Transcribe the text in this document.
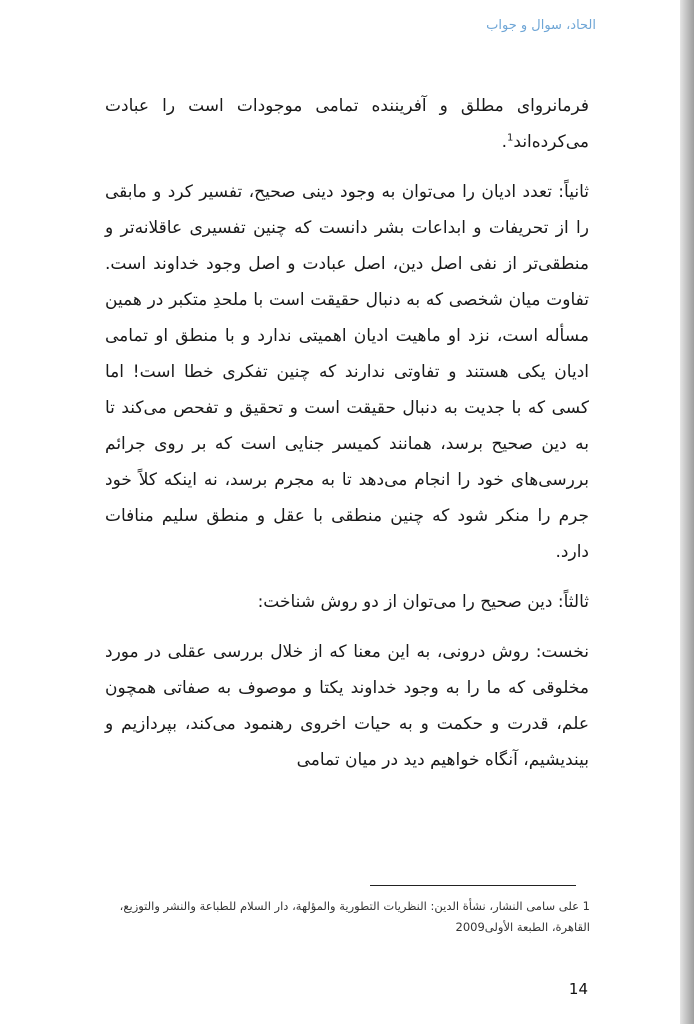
الحاد، سوال و جواب

فرمانروای مطلق و آفریننده تمامی موجودات است را عبادت می‌کرده‌اند$^1$.

ثانیاً: تعدد ادیان را می‌توان به وجود دینی صحیح، تفسیر کرد و مابقی را از تحریفات و ابداعات بشر دانست که چنین تفسیری عاقلانه‌تر و منطقی‌تر از نفی اصل دین، اصل عبادت و اصل وجود خداوند است. تفاوت میان شخصی که به دنبال حقیقت است با ملحدِ متکبر در همین مسأله است، نزد او ماهیت ادیان اهمیتی ندارد و با منطق او تمامی ادیان یکی هستند و تفاوتی ندارند که چنین تفکری خطا است! اما کسی که با جدیت به دنبال حقیقت است و تحقیق و تفحص می‌کند تا به دین صحیح برسد، همانند کمیسر جنایی است که بر روی جرائم بررسی‌های خود را انجام می‌دهد تا به مجرم برسد، نه اینکه کلاً خود جرم را منکر شود که چنین منطقی با عقل و منطق سلیم منافات دارد.

ثالثاً: دین صحیح را می‌توان از دو روش شناخت:

نخست: روش درونی، به این معنا که از خلال بررسی عقلی در مورد مخلوقی که ما را به وجود خداوند یکتا و موصوف به صفاتی همچون علم، قدرت و حکمت و به حیات اخروی رهنمود می‌کند، بپردازیم و بیندیشیم، آنگاه خواهیم دید در میان تمامی

1 علی سامی النشار، نشأة الدین: النظریات التطوریة والمؤلهة، دار السلام للطباعة والنشر والتوزیع،

القاهرة، الطبعة الأولی2009

14
